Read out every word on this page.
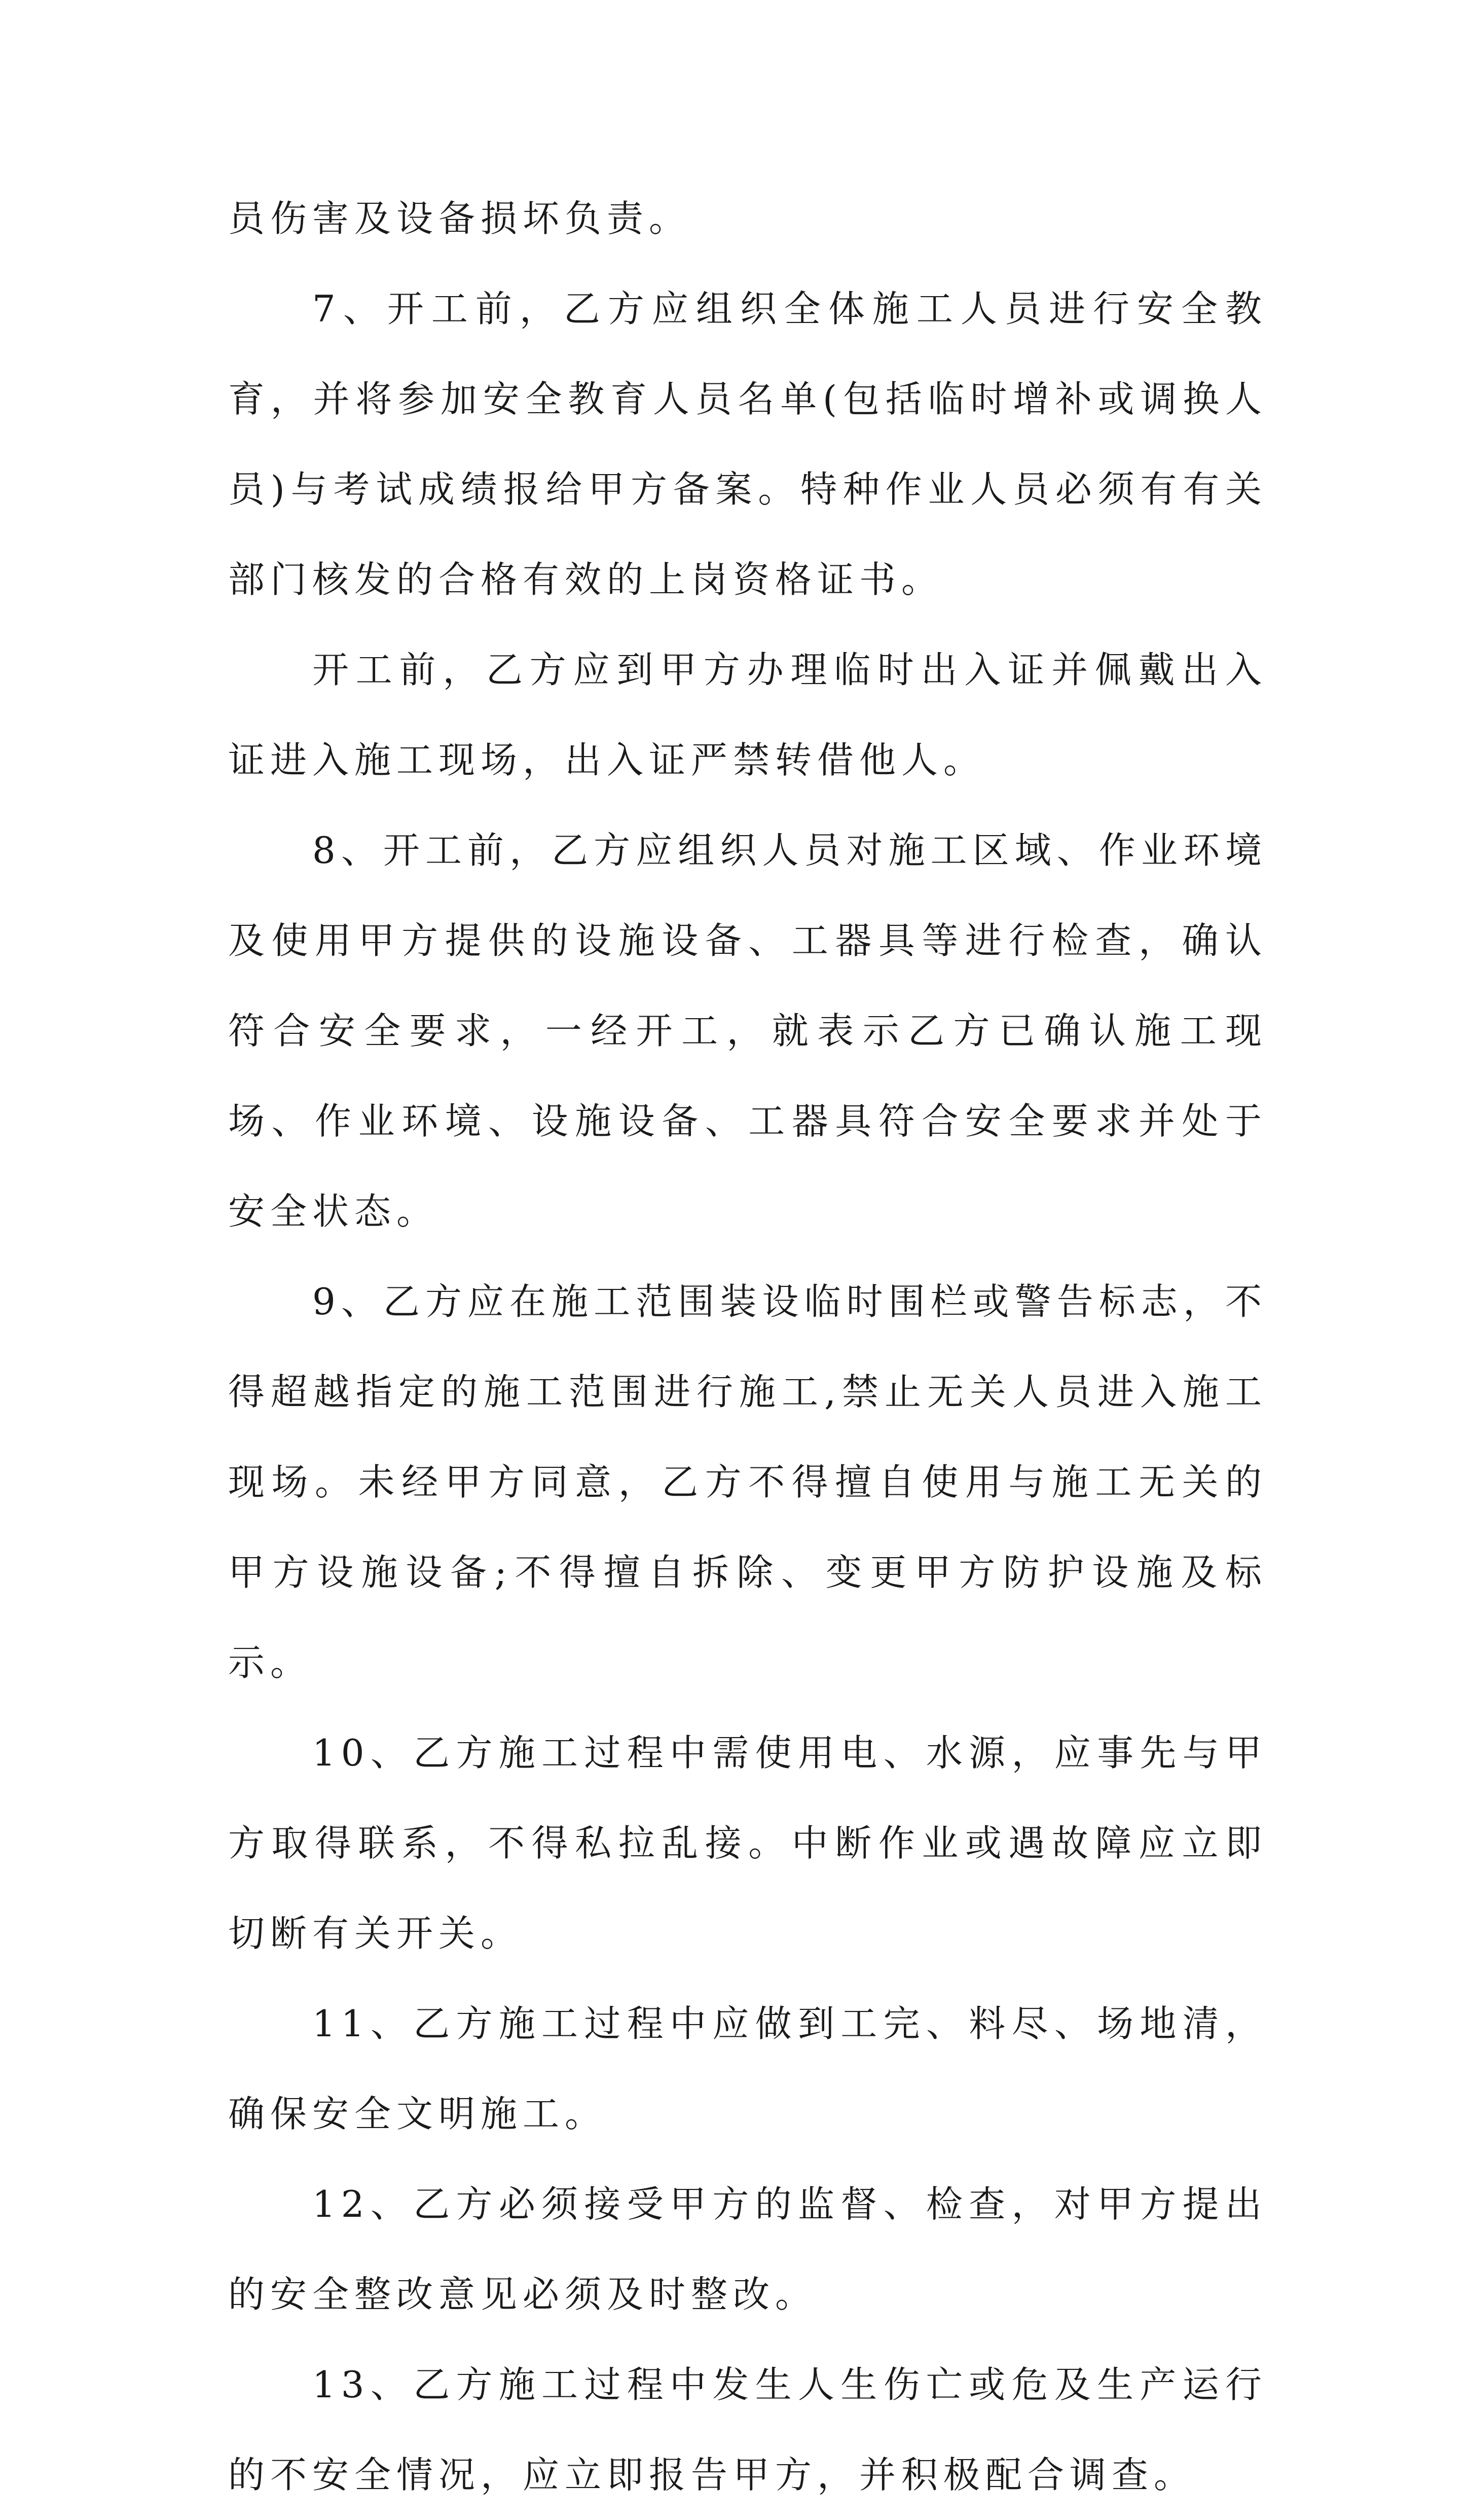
员伤害及设备损坏负责。

7、开工前，乙方应组织全体施工人员进行安全教育，并将参加安全教育人员名单(包括临时增补或调换人员)与考试成绩报给甲方备案。特种作业人员必须有有关部门核发的合格有效的上岗资格证书。

开工前，乙方应到甲方办理临时出入证并佩戴出入证进入施工现场，出入证严禁转借他人。

8、开工前，乙方应组织人员对施工区域、作业环境及使用甲方提供的设施设备、工器具等进行检查，确认符合安全要求，一经开工，就表示乙方已确认施工现场、作业环境、设施设备、工器具符合安全要求并处于安全状态。

9、乙方应在施工范围装设临时围栏或警告标志，不得超越指定的施工范围进行施工,禁止无关人员进入施工现场。未经甲方同意，乙方不得擅自使用与施工无关的甲方设施设备;不得擅自拆除、变更甲方防护设施及标示。

10、乙方施工过程中需使用电、水源，应事先与甲方取得联系，不得私拉乱接。中断作业或遇故障应立即切断有关开关。

11、乙方施工过程中应做到工完、料尽、场地清，确保安全文明施工。

12、乙方必须接受甲方的监督、检查，对甲方提出的安全整改意见必须及时整改。

13、乙方施工过程中发生人生伤亡或危及生产运行的不安全情况，应立即报告甲方，并积极配合调查。
